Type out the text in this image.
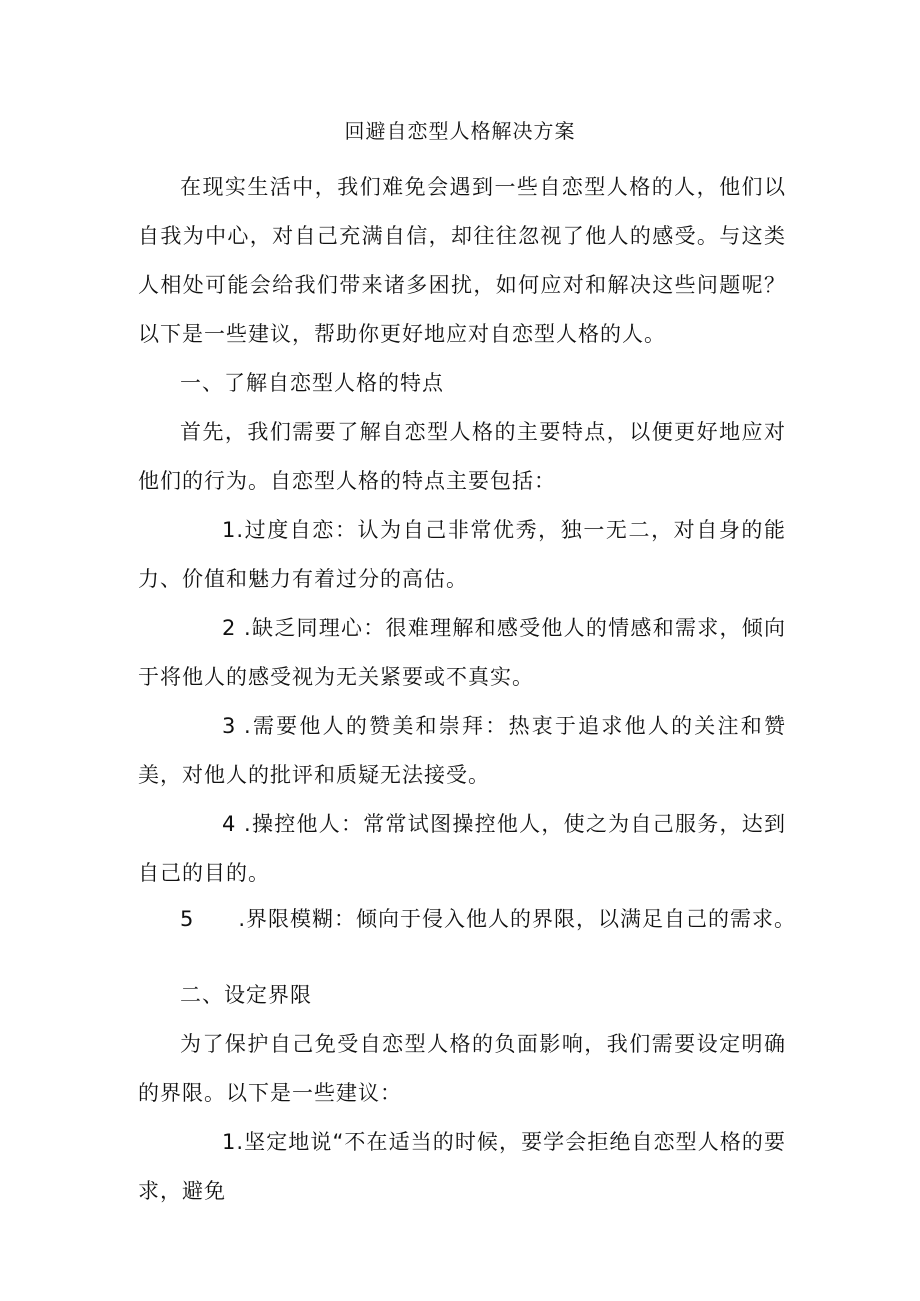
回避自恋型人格解决方案

在现实生活中，我们难免会遇到一些自恋型人格的人，他们以自我为中心，对自己充满自信，却往往忽视了他人的感受。与这类人相处可能会给我们带来诸多困扰，如何应对和解决这些问题呢？以下是一些建议，帮助你更好地应对自恋型人格的人。

一、了解自恋型人格的特点

首先，我们需要了解自恋型人格的主要特点，以便更好地应对他们的行为。自恋型人格的特点主要包括：

1.过度自恋：认为自己非常优秀，独一无二，对自身的能力、价值和魅力有着过分的高估。

2 .缺乏同理心：很难理解和感受他人的情感和需求，倾向于将他人的感受视为无关紧要或不真实。

3 .需要他人的赞美和崇拜：热衷于追求他人的关注和赞美，对他人的批评和质疑无法接受。

4 .操控他人：常常试图操控他人，使之为自己服务，达到自己的目的。

5 .界限模糊：倾向于侵入他人的界限，以满足自己的需求。

二、设定界限

为了保护自己免受自恋型人格的负面影响，我们需要设定明确的界限。以下是一些建议：

1.坚定地说“不在适当的时候，要学会拒绝自恋型人格的要求，避免
